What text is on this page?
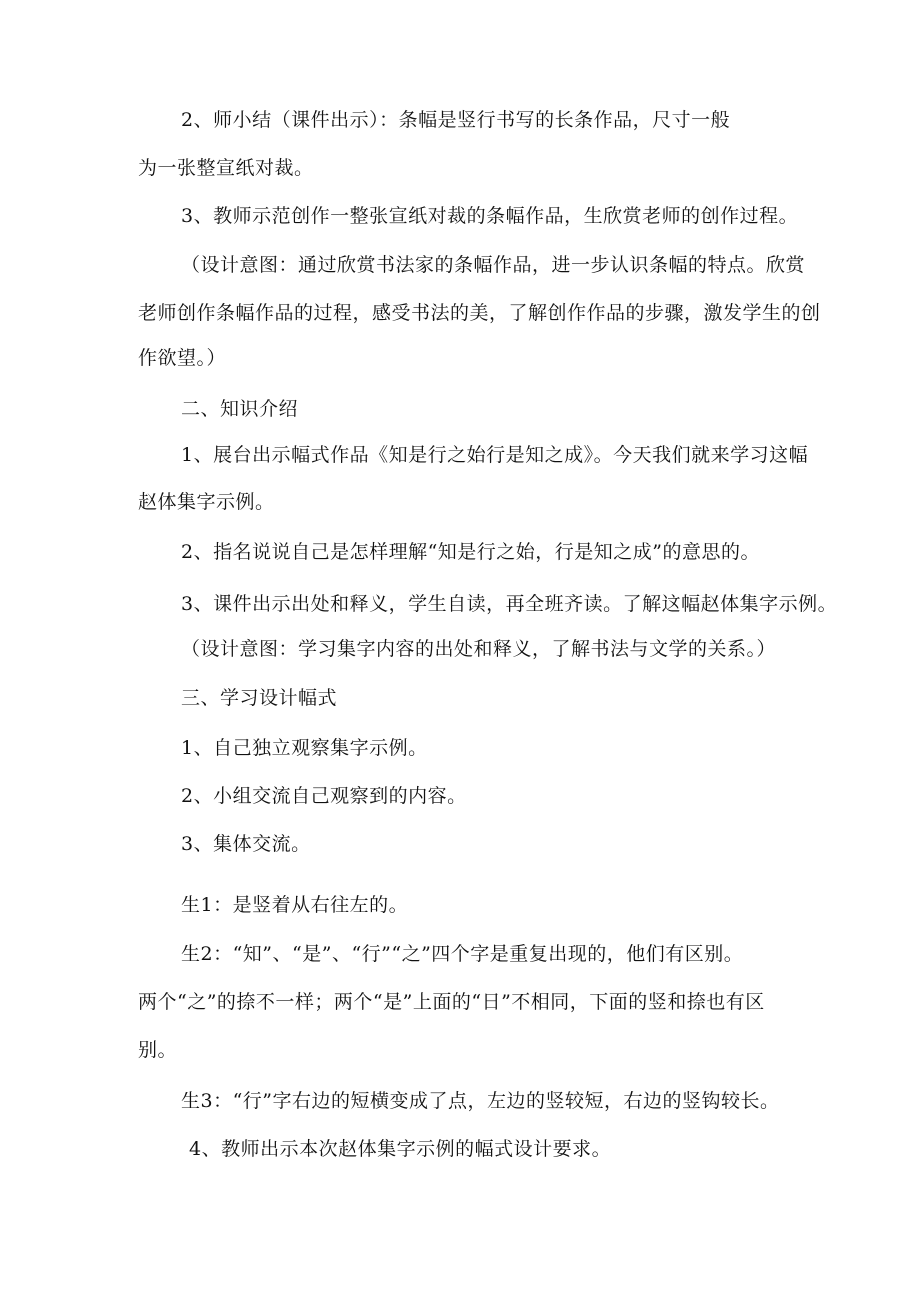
2、师小结（课件出示）：条幅是竖行书写的长条作品，尺寸一般
为一张整宣纸对裁。
3、教师示范创作一整张宣纸对裁的条幅作品，生欣赏老师的创作过程。
（设计意图：通过欣赏书法家的条幅作品，进一步认识条幅的特点。欣赏
老师创作条幅作品的过程，感受书法的美，了解创作作品的步骤，激发学生的创
作欲望。）
二、知识介绍
1、展台出示幅式作品《知是行之始行是知之成》。今天我们就来学习这幅
赵体集字示例。
2、指名说说自己是怎样理解“知是行之始，行是知之成”的意思的。
3、课件出示出处和释义，学生自读，再全班齐读。了解这幅赵体集字示例。
（设计意图：学习集字内容的出处和释义，了解书法与文学的关系。）
三、学习设计幅式
1、自己独立观察集字示例。
2、小组交流自己观察到的内容。
3、集体交流。
生1：是竖着从右往左的。
生2：“知”、“是”、“行”“之”四个字是重复出现的，他们有区别。
两个“之”的捺不一样；两个“是”上面的“日”不相同，下面的竖和捺也有区
别。
生3：“行”字右边的短横变成了点，左边的竖较短，右边的竖钩较长。
4、教师出示本次赵体集字示例的幅式设计要求。
